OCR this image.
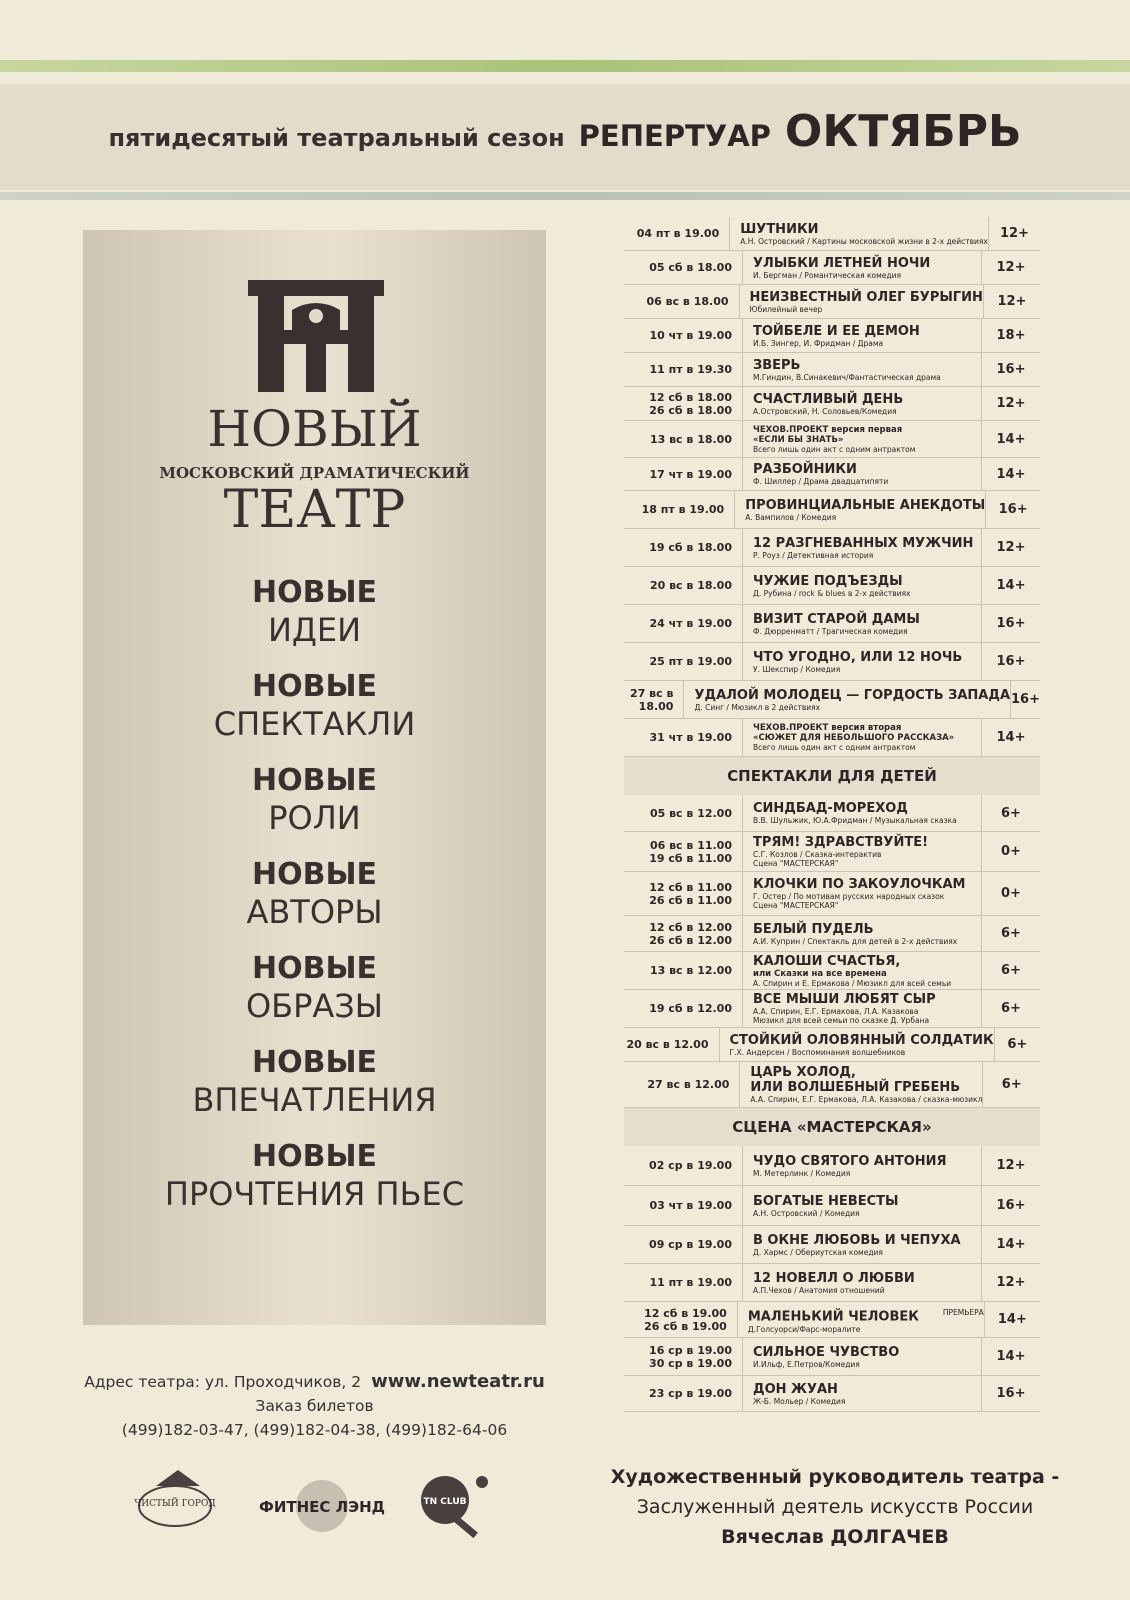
пятидесятый театральный сезон РЕПЕРТУАР ОКТЯБРЬ
НОВЫЙ
МОСКОВСКИЙ ДРАМАТИЧЕСКИЙ
ТЕАТР
НОВЫЕ
ИДЕИ
НОВЫЕ
СПЕКТАКЛИ
НОВЫЕ
РОЛИ
НОВЫЕ
АВТОРЫ
НОВЫЕ
ОБРАЗЫ
НОВЫЕ
ВПЕЧАТЛЕНИЯ
НОВЫЕ
ПРОЧТЕНИЯ ПЬЕС
Адрес театра: ул. Проходчиков, 2 www.newteatr.ru
Заказ билетов
(499)182-03-47, (499)182-04-38, (499)182-64-06
ЧИСТЫЙ ГОРОД	ФИТНЕС ЛЭНД	TN CLUB
04 пт в 19.00 ШУТНИКИ
А.Н. Островский / Картины московской жизни в 2-х действиях 12+
05 сб в 18.00 УЛЫБКИ ЛЕТНЕЙ НОЧИ
И. Бергман / Романтическая комедия	12+
06 вс в 18.00 НЕИЗВЕСТНЫЙ ОЛЕГ БУРЫГИН
Юбилейный вечер	12+
10 чт в 19.00 ТОЙБЕЛЕ И ЕЕ ДЕМОН
И.Б. Зингер, И. Фридман / Драма	18+
11 пт в 19.30 ЗВЕРЬ
М.Гиндин, В.Синакевич/Фантастическая драма	16+
12 сб в 18.00
26 сб в 18.00
СЧАСТЛИВЫЙ ДЕНЬ
А.Островский, Н. Соловьев/Комедия	12+
13 вс в 18.00
ЧЕХОВ.ПРОЕКТ версия первая
«ЕСЛИ БЫ ЗНАТЬ»
Всего лишь один акт с одним антрактом
14+
17 чт в 19.00 РАЗБОЙНИКИ
Ф. Шиллер / Драма двадцатипяти	14+
18 пт в 19.00 ПРОВИНЦИАЛЬНЫЕ АНЕКДОТЫ
А. Вампилов / Комедия	16+
19 сб в 18.00 12 РАЗГНЕВАННЫХ МУЖЧИН
Р. Роуз / Детективная история	12+
20 вс в 18.00 ЧУЖИЕ ПОДЪЕЗДЫ
Д. Рубина / rock & blues в 2-х действиях	14+
24 чт в 19.00 ВИЗИТ СТАРОЙ ДАМЫ
Ф. Дюрренматт / Трагическая комедия	16+
25 пт в 19.00 ЧТО УГОДНО, ИЛИ 12 НОЧЬ
У. Шекспир / Комедия	16+
27 вс в 18.00
УДАЛОЙ МОЛОДЕЦ — ГОРДОСТЬ ЗАПАДА
Д. Синг / Мюзикл в 2 действиях	16+
31 чт в 19.00
ЧЕХОВ.ПРОЕКТ версия вторая
«СЮЖЕТ ДЛЯ НЕБОЛЬШОГО РАССКАЗА»
Всего лишь один акт с одним антрактом
14+
СПЕКТАКЛИ ДЛЯ ДЕТЕЙ
05 вс в 12.00 СИНДБАД-МОРЕХОД
В.В. Шульжик, Ю.А.Фридман / Музыкальная сказка	6+
06 вс в 11.00
19 сб в 11.00
ТРЯМ! ЗДРАВСТВУЙТЕ!
С.Г. Козлов / Сказка-интерактив
Сцена "МАСТЕРСКАЯ"
0+
12 сб в 11.00
26 сб в 11.00
КЛОЧКИ ПО ЗАКОУЛОЧКАМ
Г. Остер / По мотивам русских народных сказок
Сцена "МАСТЕРСКАЯ"
0+
12 сб в 12.00
26 сб в 12.00
БЕЛЫЙ ПУДЕЛЬ
А.И. Куприн / Спектакль для детей в 2-х действиях	6+
13 вс в 12.00
КАЛОШИ СЧАСТЬЯ,
или Сказки на все времена
А. Спирин и Е. Ермакова / Мюзикл для всей семьи
6+
19 сб в 12.00
ВСЕ МЫШИ ЛЮБЯТ СЫР
А.А. Спирин, Е.Г. Ермакова, Л.А. Казакова
Мюзикл для всей семьи по сказке Д. Урбана
6+
20 вс в 12.00 СТОЙКИЙ ОЛОВЯННЫЙ СОЛДАТИК
Г.Х. Андерсен / Воспоминания волшебников	6+
27 вс в 12.00
ЦАРЬ ХОЛОД,
ИЛИ ВОЛШЕБНЫЙ ГРЕБЕНЬ
А.А. Спирин, Е.Г. Ермакова, Л.А. Казакова / сказка-мюзикл
6+
СЦЕНА «МАСТЕРСКАЯ»
02 ср в 19.00 ЧУДО СВЯТОГО АНТОНИЯ
М. Метерлинк / Комедия	12+
03 чт в 19.00 БОГАТЫЕ НЕВЕСТЫ
А.Н. Островский / Комедия	16+
09 ср в 19.00 В ОКНЕ ЛЮБОВЬ И ЧЕПУХА
Д. Хармс / Обериутская комедия	14+
11 пт в 19.00 12 НОВЕЛЛ О ЛЮБВИ
А.П.Чехов / Анатомия отношений	12+
12 сб в 19.00
26 сб в 19.00
МАЛЕНЬКИЙ ЧЕЛОВЕК	$^{ПРЕМЬЕРА}$
Д.Голсуорси/Фарс-моралите
14+
16 ср в 19.00
30 ср в 19.00
СИЛЬНОЕ ЧУВСТВО
И.Ильф, Е.Петров/Комедия	14+
23 ср в 19.00 ДОН ЖУАН
Ж-Б. Мольер / Комедия	16+
Художественный руководитель театра -
Заслуженный деятель искусств России
Вячеслав ДОЛГАЧЕВ
